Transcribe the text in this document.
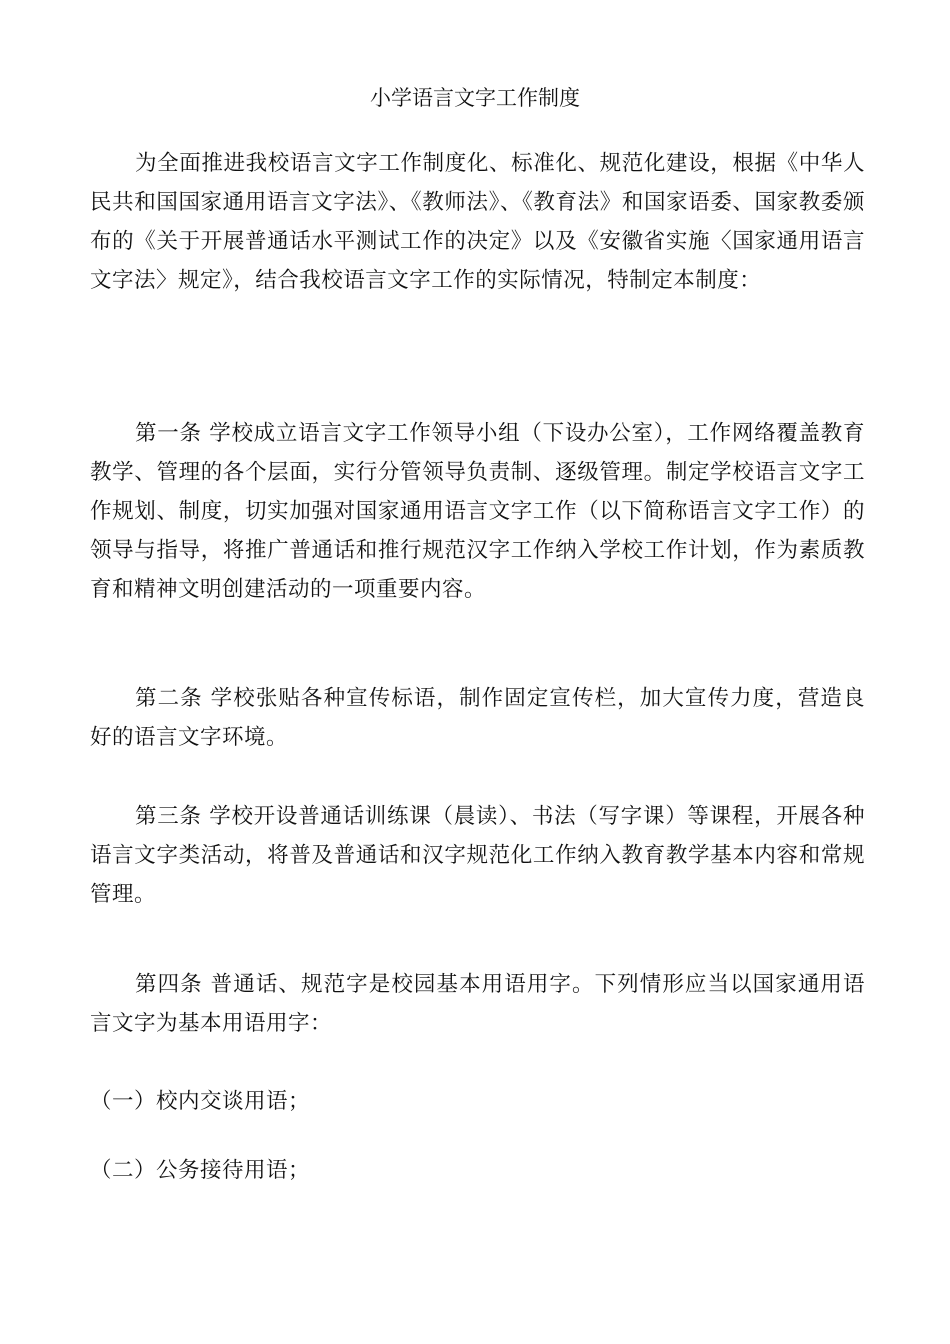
小学语言文字工作制度

为全面推进我校语言文字工作制度化、标准化、规范化建设，根据《中华人民共和国国家通用语言文字法》、《教师法》、《教育法》和国家语委、国家教委颁布的《关于开展普通话水平测试工作的决定》以及《安徽省实施〈国家通用语言文字法〉规定》，结合我校语言文字工作的实际情况，特制定本制度：

第一条 学校成立语言文字工作领导小组（下设办公室），工作网络覆盖教育教学、管理的各个层面，实行分管领导负责制、逐级管理。制定学校语言文字工作规划、制度，切实加强对国家通用语言文字工作（以下简称语言文字工作）的领导与指导，将推广普通话和推行规范汉字工作纳入学校工作计划，作为素质教育和精神文明创建活动的一项重要内容。

第二条 学校张贴各种宣传标语，制作固定宣传栏，加大宣传力度，营造良好的语言文字环境。

第三条 学校开设普通话训练课（晨读）、书法（写字课）等课程，开展各种语言文字类活动，将普及普通话和汉字规范化工作纳入教育教学基本内容和常规管理。

第四条 普通话、规范字是校园基本用语用字。下列情形应当以国家通用语言文字为基本用语用字：

（一）校内交谈用语；

（二）公务接待用语；
